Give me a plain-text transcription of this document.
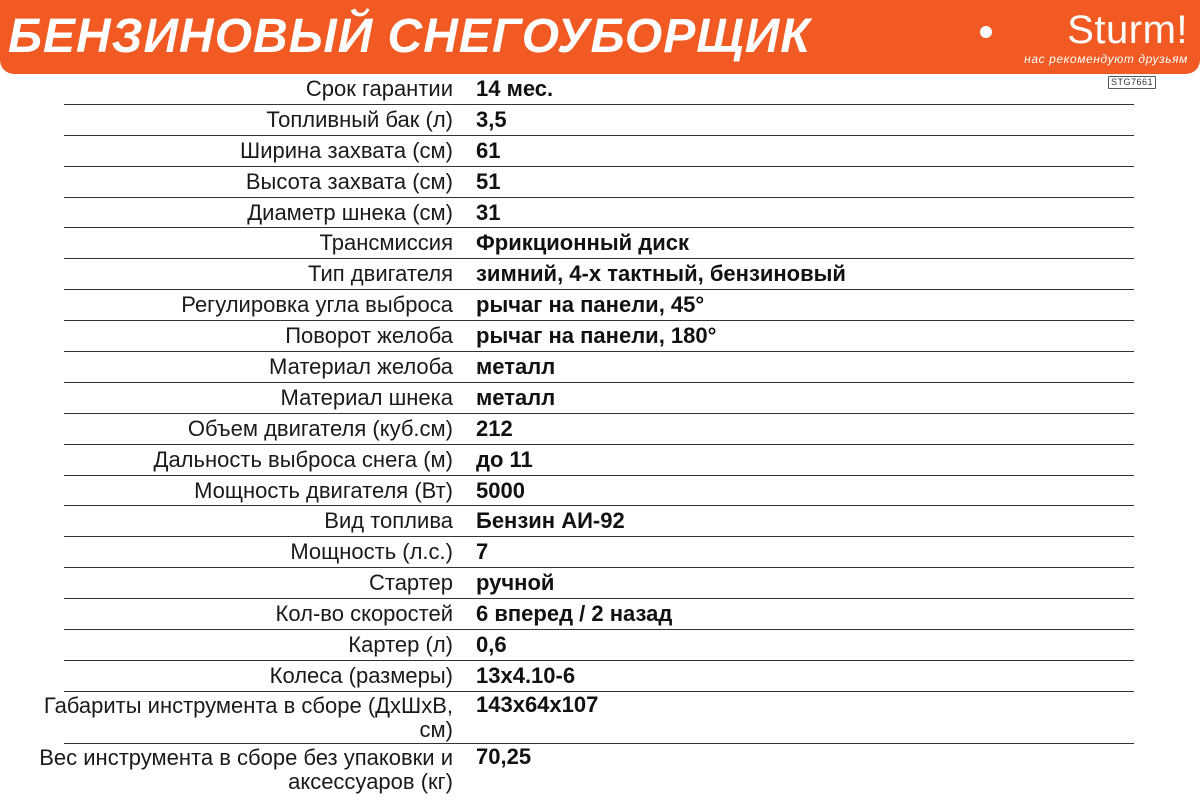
БЕНЗИНОВЫЙ СНЕГОУБОРЩИК	Sturm!
нас рекомендуют друзьям
STG7661
Срок гарантии 14 мес.
Топливный бак (л) 3,5
Ширина захвата (см) 61
Высота захвата (см) 51
Диаметр шнека (см) 31
Трансмиссия Фрикционный диск
Тип двигателя зимний, 4-х тактный, бензиновый
Регулировка угла выброса рычаг на панели, 45°
Поворот желоба рычаг на панели, 180°
Материал желоба металл
Материал шнека металл
Объем двигателя (куб.см) 212
Дальность выброса снега (м) до 11
Мощность двигателя (Вт) 5000
Вид топлива Бензин АИ-92
Мощность (л.с.) 7
Стартер ручной
Кол-во скоростей 6 вперед / 2 назад
Картер (л) 0,6
Колеса (размеры) 13x4.10-6
Габариты инструмента в сборе (ДхШхВ, см)
143x64x107
Вес инструмента в сборе без упаковки и аксессуаров (кг)
70,25
